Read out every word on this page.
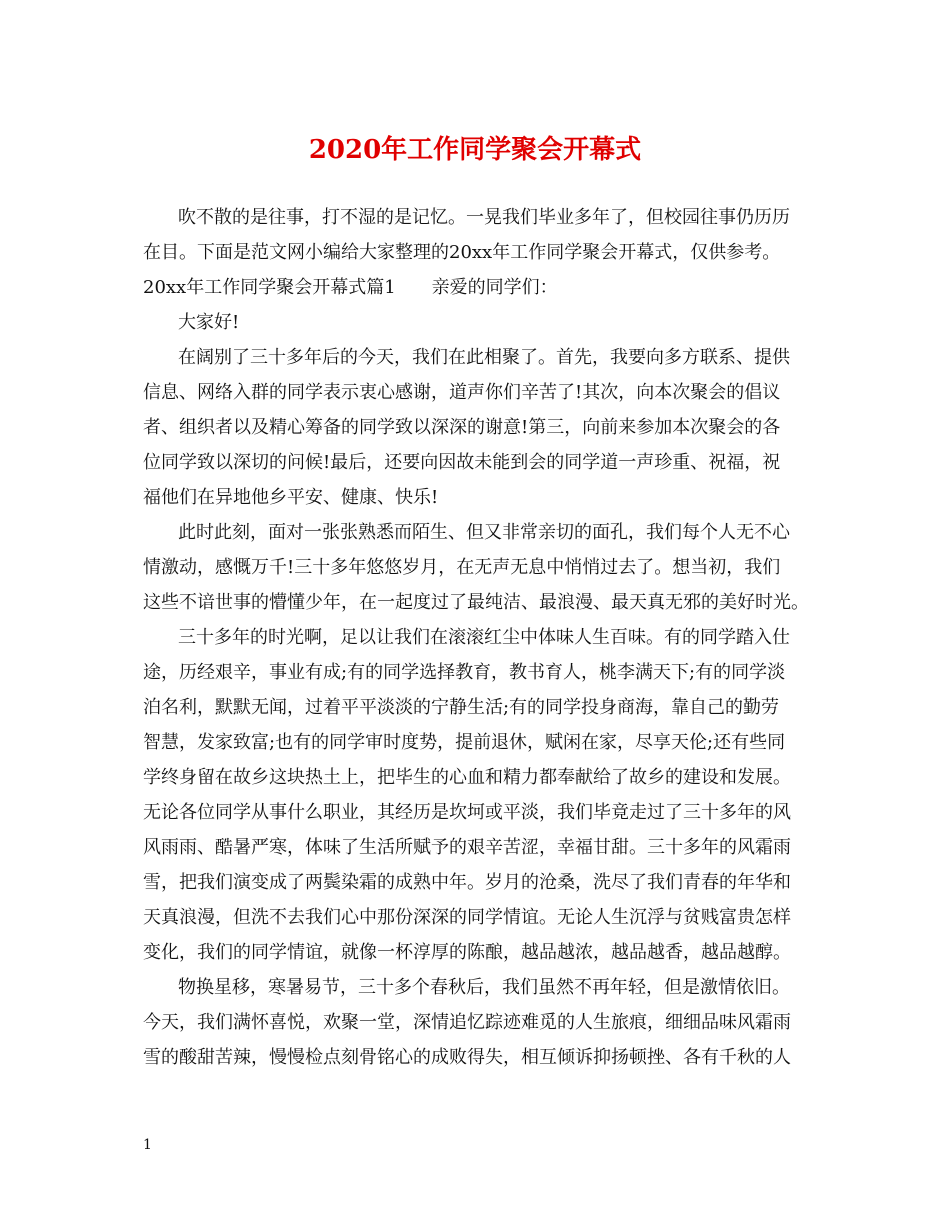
2020年工作同学聚会开幕式
吹不散的是往事，打不湿的是记忆。一晃我们毕业多年了，但校园往事仍历历
在目。下面是范文网小编给大家整理的20xx年工作同学聚会开幕式，仅供参考。
20xx年工作同学聚会开幕式篇1　　亲爱的同学们：
大家好!
在阔别了三十多年后的今天，我们在此相聚了。首先，我要向多方联系、提供
信息、网络入群的同学表示衷心感谢，道声你们辛苦了!其次，向本次聚会的倡议
者、组织者以及精心筹备的同学致以深深的谢意!第三，向前来参加本次聚会的各
位同学致以深切的问候!最后，还要向因故未能到会的同学道一声珍重、祝福，祝
福他们在异地他乡平安、健康、快乐!
此时此刻，面对一张张熟悉而陌生、但又非常亲切的面孔，我们每个人无不心
情激动，感慨万千!三十多年悠悠岁月，在无声无息中悄悄过去了。想当初，我们
这些不谙世事的懵懂少年，在一起度过了最纯洁、最浪漫、最天真无邪的美好时光。
三十多年的时光啊，足以让我们在滚滚红尘中体味人生百味。有的同学踏入仕
途，历经艰辛，事业有成;有的同学选择教育，教书育人，桃李满天下;有的同学淡
泊名利，默默无闻，过着平平淡淡的宁静生活;有的同学投身商海，靠自己的勤劳
智慧，发家致富;也有的同学审时度势，提前退休，赋闲在家，尽享天伦;还有些同
学终身留在故乡这块热土上，把毕生的心血和精力都奉献给了故乡的建设和发展。
无论各位同学从事什么职业，其经历是坎坷或平淡，我们毕竟走过了三十多年的风
风雨雨、酷暑严寒，体味了生活所赋予的艰辛苦涩，幸福甘甜。三十多年的风霜雨
雪，把我们演变成了两鬓染霜的成熟中年。岁月的沧桑，洗尽了我们青春的年华和
天真浪漫，但洗不去我们心中那份深深的同学情谊。无论人生沉浮与贫贱富贵怎样
变化，我们的同学情谊，就像一杯淳厚的陈酿，越品越浓，越品越香，越品越醇。
物换星移，寒暑易节，三十多个春秋后，我们虽然不再年轻，但是激情依旧。
今天，我们满怀喜悦，欢聚一堂，深情追忆踪迹难觅的人生旅痕，细细品味风霜雨
雪的酸甜苦辣，慢慢检点刻骨铭心的成败得失，相互倾诉抑扬顿挫、各有千秋的人
1
